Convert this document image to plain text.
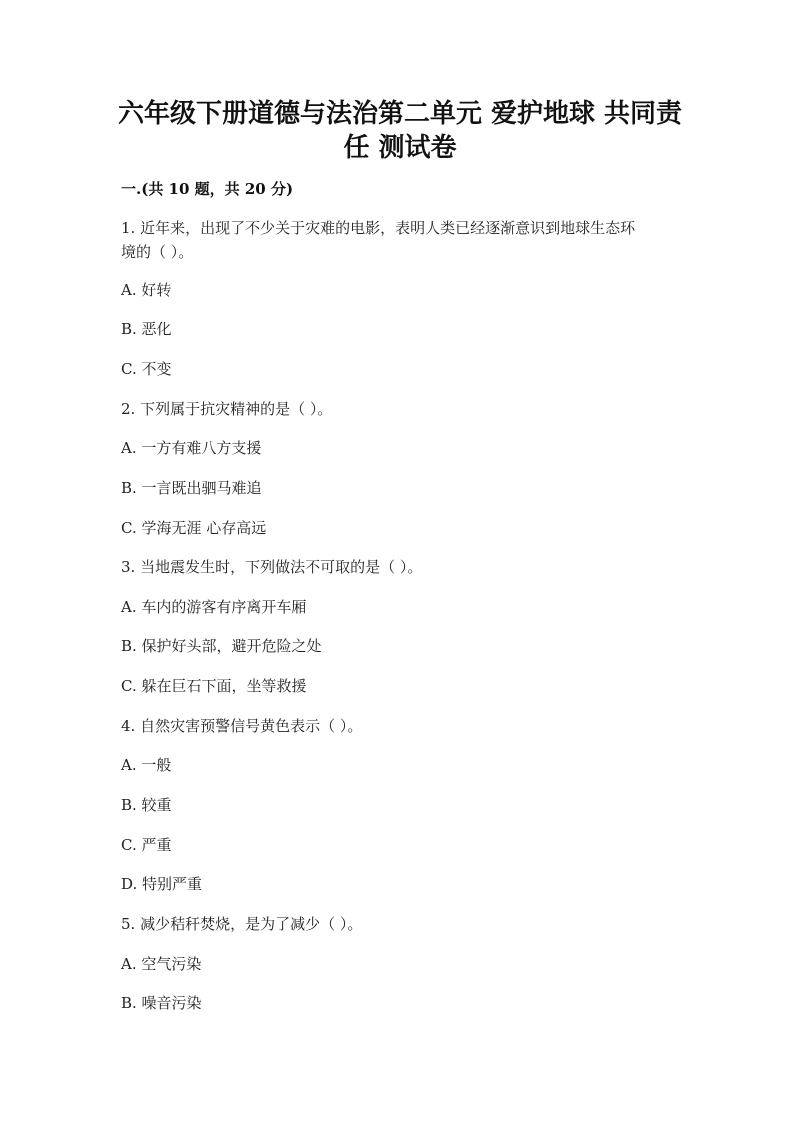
六年级下册道德与法治第二单元 爱护地球 共同责
任 测试卷
一.(共 10 题，共 20 分)
1. 近年来，出现了不少关于灾难的电影，表明人类已经逐渐意识到地球生态环
境的（ ）。
A. 好转
B. 恶化
C. 不变
2. 下列属于抗灾精神的是（ ）。
A. 一方有难八方支援
B. 一言既出驷马难追
C. 学海无涯 心存高远
3. 当地震发生时，下列做法不可取的是（ ）。
A. 车内的游客有序离开车厢
B. 保护好头部，避开危险之处
C. 躲在巨石下面，坐等救援
4. 自然灾害预警信号黄色表示（ ）。
A. 一般
B. 较重
C. 严重
D. 特别严重
5. 减少秸秆焚烧，是为了减少（ ）。
A. 空气污染
B. 噪音污染
